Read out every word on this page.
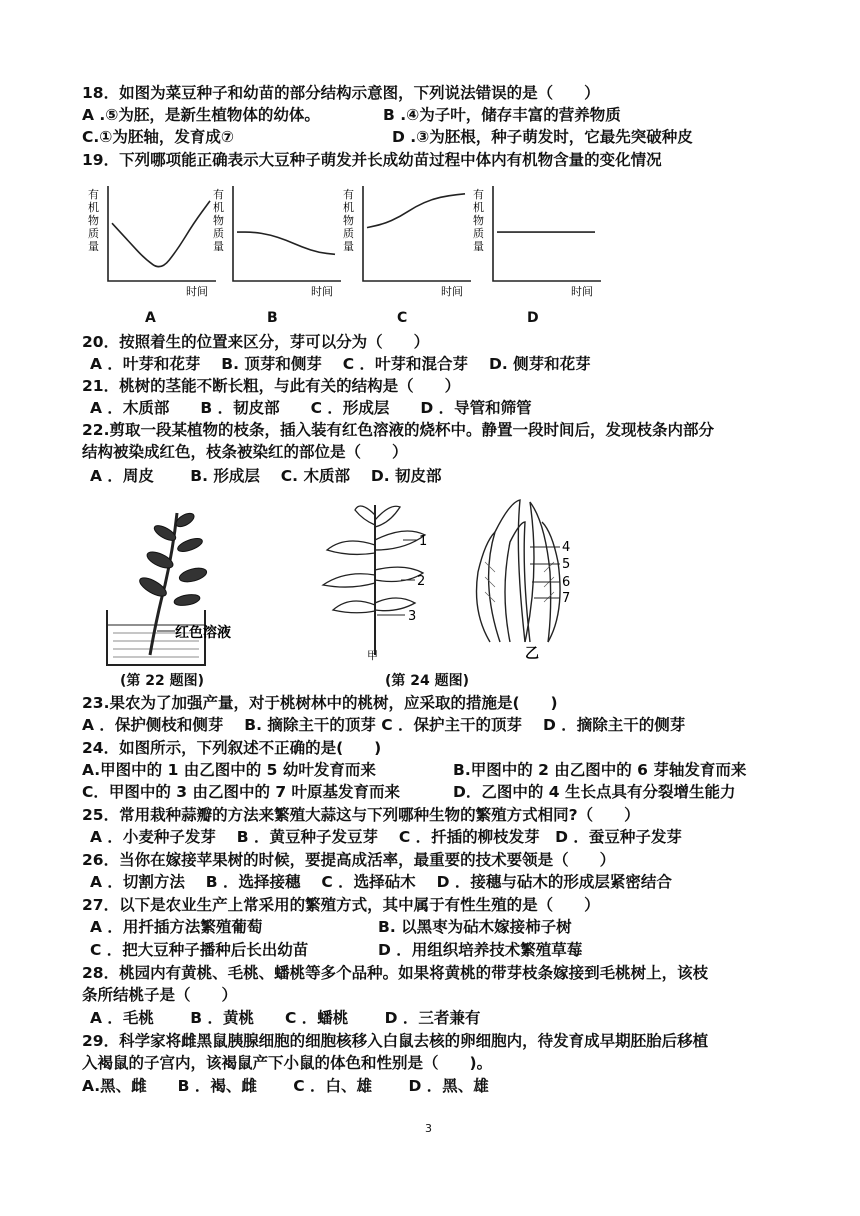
18．如图为菜豆种子和幼苗的部分结构示意图，下列说法错误的是（　　）
A .⑤为胚，是新生植物体的幼体。	B .④为子叶，储存丰富的营养物质
C.①为胚轴，发育成⑦	D .③为胚根，种子萌发时，它最先突破种皮
19．下列哪项能正确表示大豆种子萌发并长成幼苗过程中体内有机物含量的变化情况
有机物质量
时间
有机物质量
时间
有机物质量
时间
有机物质量
时间
A	B	C	D
20．按照着生的位置来区分，芽可以分为（　　）
A ．叶芽和花芽　 B. 顶芽和侧芽　 C ．叶芽和混合芽　 D. 侧芽和花芽
21．桃树的茎能不断长粗，与此有关的结构是（　　）
A ．木质部　　B ．韧皮部　　C ．形成层　　D ．导管和筛管
22.剪取一段某植物的枝条，插入装有红色溶液的烧杯中。静置一段时间后，发现枝条内部分
结构被染成红色，枝条被染红的部位是（　　）
A ．周皮　　 B. 形成层　 C. 木质部　 D. 韧皮部
红色溶液
1
2
3
甲
4
5
6
7
乙
(第 22 题图)	(第 24 题图)
23.果农为了加强产量，对于桃树林中的桃树，应采取的措施是(　　)
A ．保护侧枝和侧芽　 B. 摘除主干的顶芽 C ．保护主干的顶芽　 D ．摘除主干的侧芽
24．如图所示，下列叙述不正确的是(　　)
A.甲图中的 1 由乙图中的 5 幼叶发育而来	B.甲图中的 2 由乙图中的 6 芽轴发育而来
C．甲图中的 3 由乙图中的 7 叶原基发育而来	D．乙图中的 4 生长点具有分裂增生能力
25．常用栽种蒜瓣的方法来繁殖大蒜这与下列哪种生物的繁殖方式相同?（　　）
A ．小麦种子发芽　 B ．黄豆种子发豆芽　 C ．扦插的柳枝发芽　D ．蚕豆种子发芽
26．当你在嫁接苹果树的时候，要提高成活率，最重要的技术要领是（　　）
A ．切割方法　 B ．选择接穗　 C ．选择砧木　 D ．接穗与砧木的形成层紧密结合
27．以下是农业生产上常采用的繁殖方式，其中属于有性生殖的是（　　）
A ．用扦插方法繁殖葡萄	B. 以黑枣为砧木嫁接柿子树
C ．把大豆种子播种后长出幼苗	D ．用组织培养技术繁殖草莓
28．桃园内有黄桃、毛桃、蟠桃等多个品种。如果将黄桃的带芽枝条嫁接到毛桃树上，该枝
条所结桃子是（　　）
A ．毛桃　　 B ．黄桃　　C ．蟠桃　　 D ．三者兼有
29．科学家将雌黑鼠胰腺细胞的细胞核移入白鼠去核的卵细胞内，待发育成早期胚胎后移植
入褐鼠的子宫内，该褐鼠产下小鼠的体色和性别是（　　)。
A.黑、雌　　B ．褐、雌　　 C ．白、雄　　 D ．黑、雄
3
